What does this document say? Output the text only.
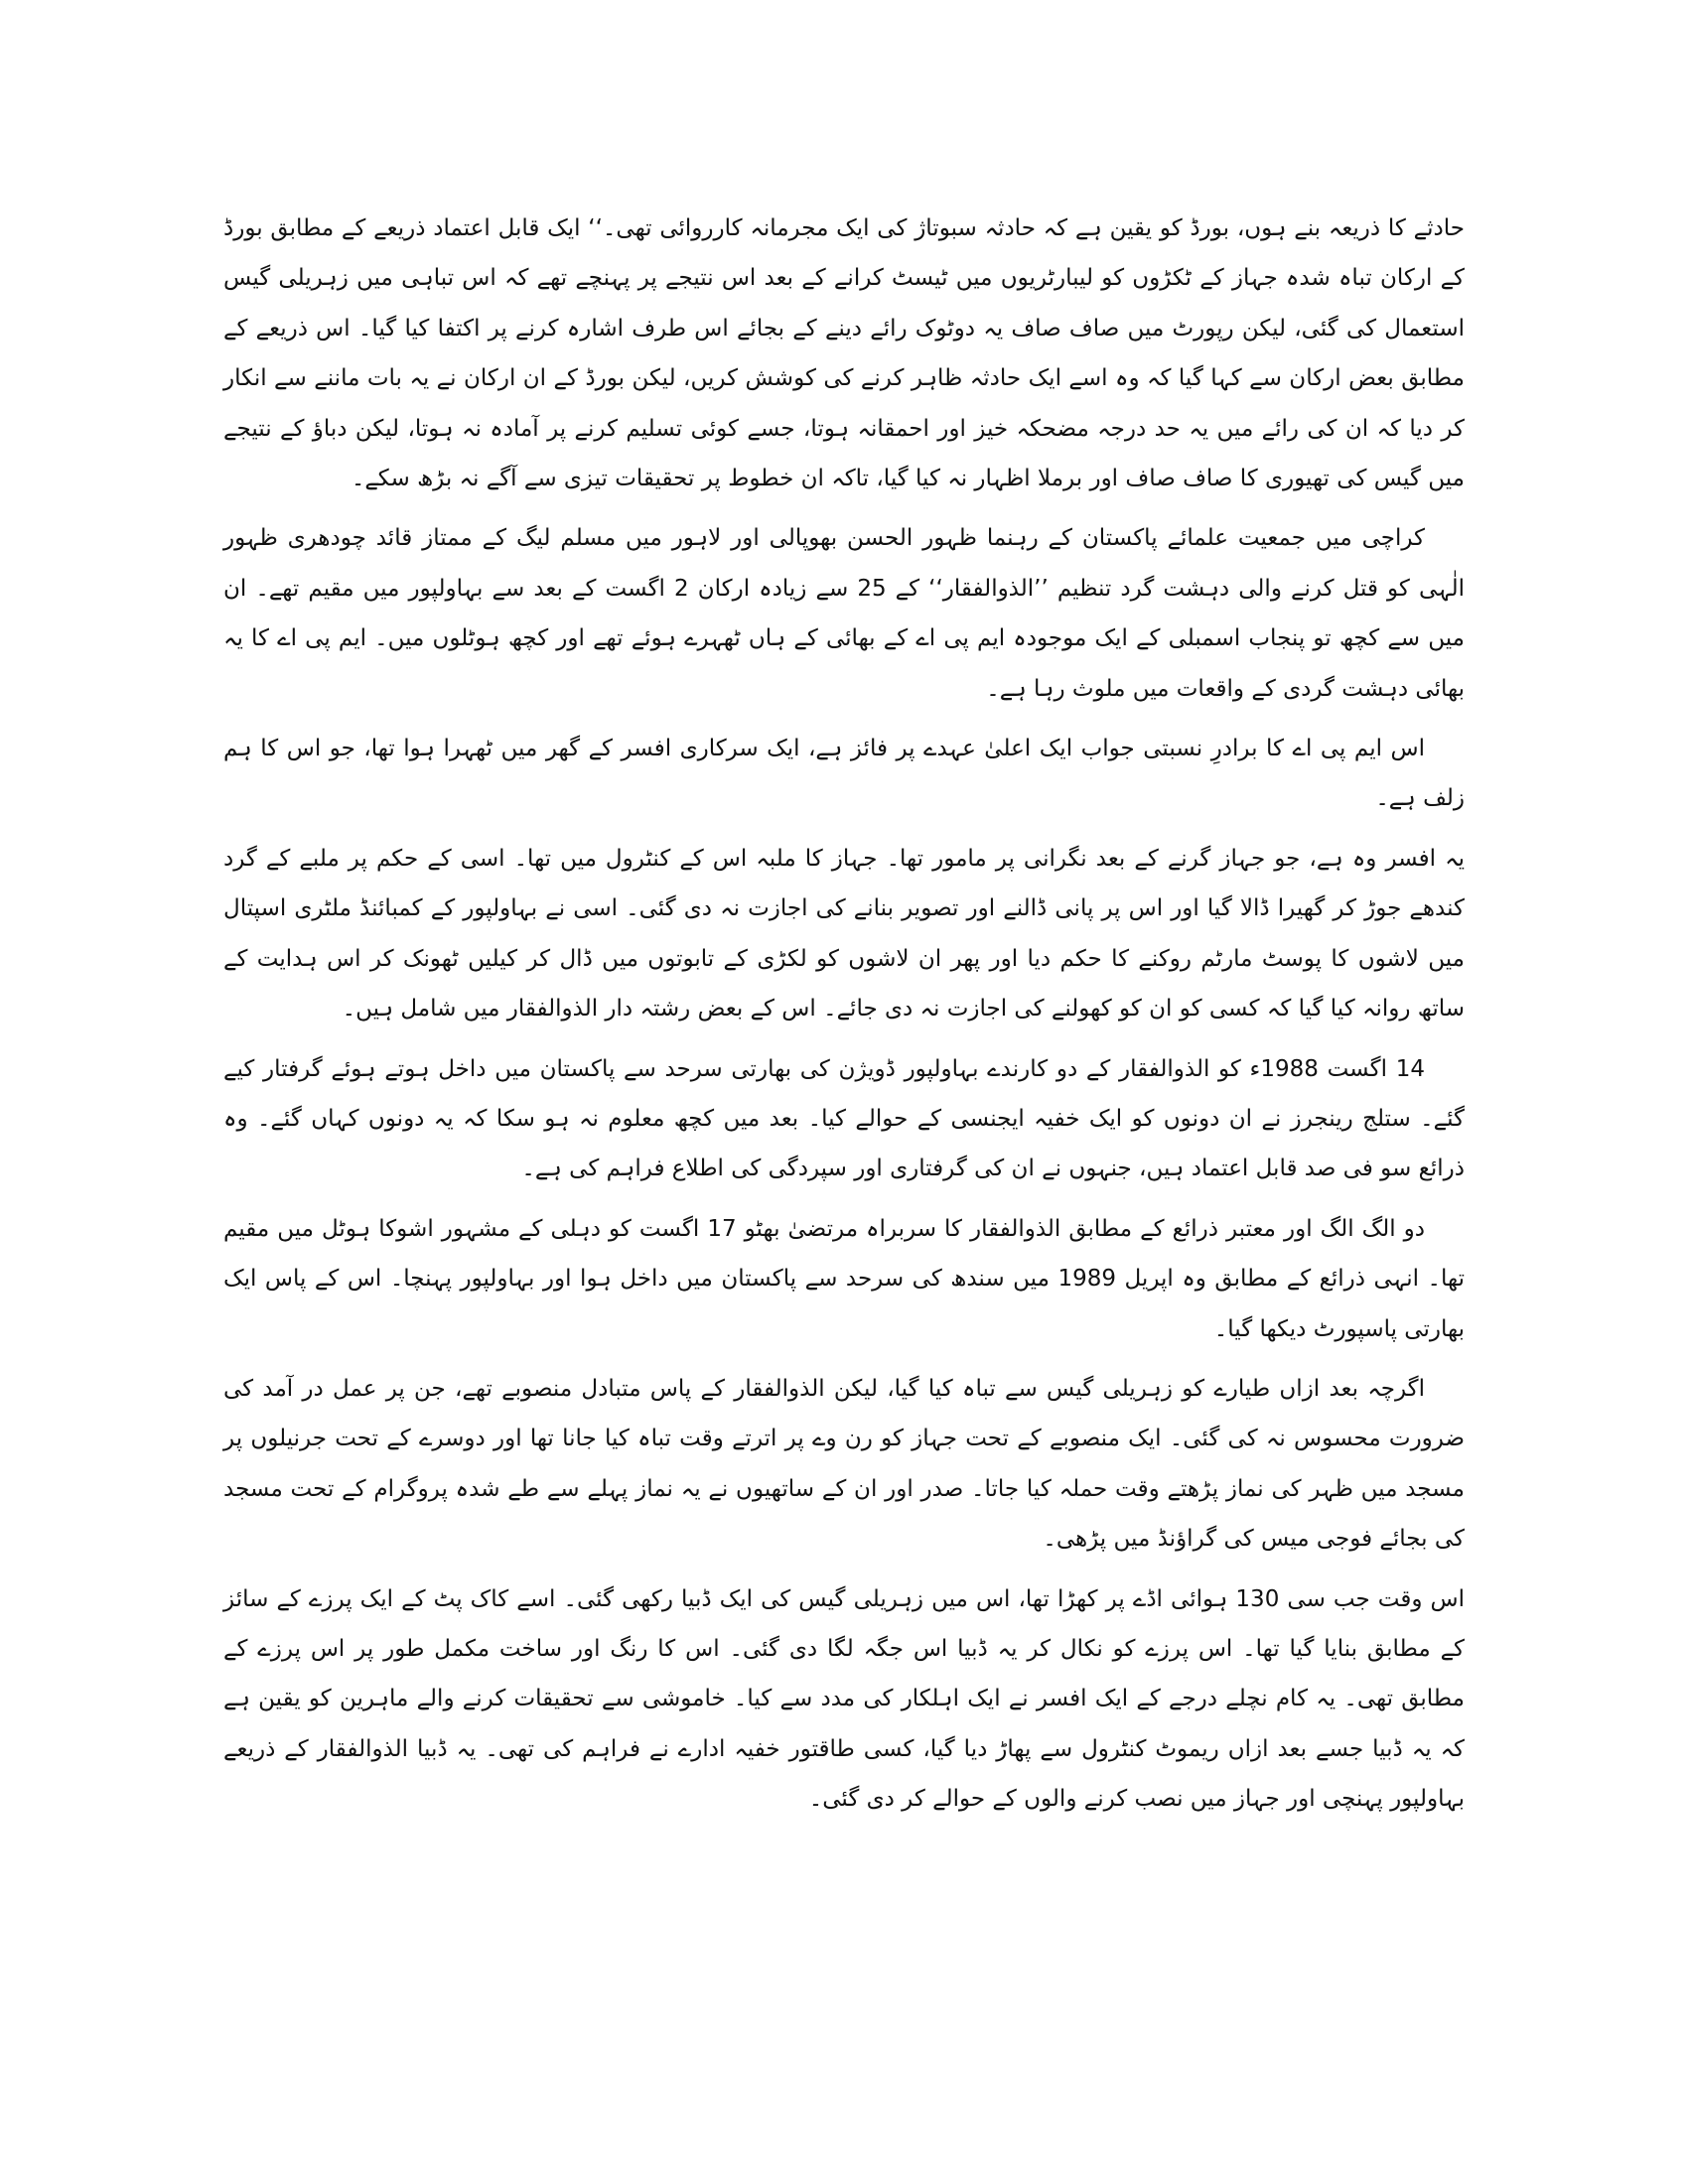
حادثے کا ذریعہ بنے ہوں، بورڈ کو یقین ہے کہ حادثہ سبوتاژ کی ایک مجرمانہ کارروائی تھی۔‘‘ ایک قابل اعتماد ذریعے کے مطابق بورڈ کے ارکان تباہ شدہ جہاز کے ٹکڑوں کو لیبارٹریوں میں ٹیسٹ کرانے کے بعد اس نتیجے پر پہنچے تھے کہ اس تباہی میں زہریلی گیس استعمال کی گئی، لیکن رپورٹ میں صاف صاف یہ دوٹوک رائے دینے کے بجائے اس طرف اشارہ کرنے پر اکتفا کیا گیا۔ اس ذریعے کے مطابق بعض ارکان سے کہا گیا کہ وہ اسے ایک حادثہ ظاہر کرنے کی کوشش کریں، لیکن بورڈ کے ان ارکان نے یہ بات ماننے سے انکار کر دیا کہ ان کی رائے میں یہ حد درجہ مضحکہ خیز اور احمقانہ ہوتا، جسے کوئی تسلیم کرنے پر آمادہ نہ ہوتا، لیکن دباؤ کے نتیجے میں گیس کی تھیوری کا صاف صاف اور برملا اظہار نہ کیا گیا، تاکہ ان خطوط پر تحقیقات تیزی سے آگے نہ بڑھ سکے۔

کراچی میں جمعیت علمائے پاکستان کے رہنما ظہور الحسن بھوپالی اور لاہور میں مسلم لیگ کے ممتاز قائد چودھری ظہور الٰہی کو قتل کرنے والی دہشت گرد تنظیم ’’الذوالفقار‘‘ کے 25 سے زیادہ ارکان 2 اگست کے بعد سے بہاولپور میں مقیم تھے۔ ان میں سے کچھ تو پنجاب اسمبلی کے ایک موجودہ ایم پی اے کے بھائی کے ہاں ٹھہرے ہوئے تھے اور کچھ ہوٹلوں میں۔ ایم پی اے کا یہ بھائی دہشت گردی کے واقعات میں ملوث رہا ہے۔

اس ایم پی اے کا برادرِ نسبتی جواب ایک اعلیٰ عہدے پر فائز ہے، ایک سرکاری افسر کے گھر میں ٹھہرا ہوا تھا، جو اس کا ہم زلف ہے۔

یہ افسر وہ ہے، جو جہاز گرنے کے بعد نگرانی پر مامور تھا۔ جہاز کا ملبہ اس کے کنٹرول میں تھا۔ اسی کے حکم پر ملبے کے گرد کندھے جوڑ کر گھیرا ڈالا گیا اور اس پر پانی ڈالنے اور تصویر بنانے کی اجازت نہ دی گئی۔ اسی نے بہاولپور کے کمبائنڈ ملٹری اسپتال میں لاشوں کا پوسٹ مارٹم روکنے کا حکم دیا اور پھر ان لاشوں کو لکڑی کے تابوتوں میں ڈال کر کیلیں ٹھونک کر اس ہدایت کے ساتھ روانہ کیا گیا کہ کسی کو ان کو کھولنے کی اجازت نہ دی جائے۔ اس کے بعض رشتہ دار الذوالفقار میں شامل ہیں۔

14 اگست 1988ء کو الذوالفقار کے دو کارندے بہاولپور ڈویژن کی بھارتی سرحد سے پاکستان میں داخل ہوتے ہوئے گرفتار کیے گئے۔ ستلج رینجرز نے ان دونوں کو ایک خفیہ ایجنسی کے حوالے کیا۔ بعد میں کچھ معلوم نہ ہو سکا کہ یہ دونوں کہاں گئے۔ وہ ذرائع سو فی صد قابل اعتماد ہیں، جنہوں نے ان کی گرفتاری اور سپردگی کی اطلاع فراہم کی ہے۔

دو الگ الگ اور معتبر ذرائع کے مطابق الذوالفقار کا سربراہ مرتضیٰ بھٹو 17 اگست کو دہلی کے مشہور اشوکا ہوٹل میں مقیم تھا۔ انہی ذرائع کے مطابق وہ اپریل 1989 میں سندھ کی سرحد سے پاکستان میں داخل ہوا اور بہاولپور پہنچا۔ اس کے پاس ایک بھارتی پاسپورٹ دیکھا گیا۔

اگرچہ بعد ازاں طیارے کو زہریلی گیس سے تباہ کیا گیا، لیکن الذوالفقار کے پاس متبادل منصوبے تھے، جن پر عمل در آمد کی ضرورت محسوس نہ کی گئی۔ ایک منصوبے کے تحت جہاز کو رن وے پر اترتے وقت تباہ کیا جانا تھا اور دوسرے کے تحت جرنیلوں پر مسجد میں ظہر کی نماز پڑھتے وقت حملہ کیا جاتا۔ صدر اور ان کے ساتھیوں نے یہ نماز پہلے سے طے شدہ پروگرام کے تحت مسجد کی بجائے فوجی میس کی گراؤنڈ میں پڑھی۔

اس وقت جب سی 130 ہوائی اڈے پر کھڑا تھا، اس میں زہریلی گیس کی ایک ڈبیا رکھی گئی۔ اسے کاک پٹ کے ایک پرزے کے سائز کے مطابق بنایا گیا تھا۔ اس پرزے کو نکال کر یہ ڈبیا اس جگہ لگا دی گئی۔ اس کا رنگ اور ساخت مکمل طور پر اس پرزے کے مطابق تھی۔ یہ کام نچلے درجے کے ایک افسر نے ایک اہلکار کی مدد سے کیا۔ خاموشی سے تحقیقات کرنے والے ماہرین کو یقین ہے کہ یہ ڈبیا جسے بعد ازاں ریموٹ کنٹرول سے پھاڑ دیا گیا، کسی طاقتور خفیہ ادارے نے فراہم کی تھی۔ یہ ڈبیا الذوالفقار کے ذریعے بہاولپور پہنچی اور جہاز میں نصب کرنے والوں کے حوالے کر دی گئی۔
